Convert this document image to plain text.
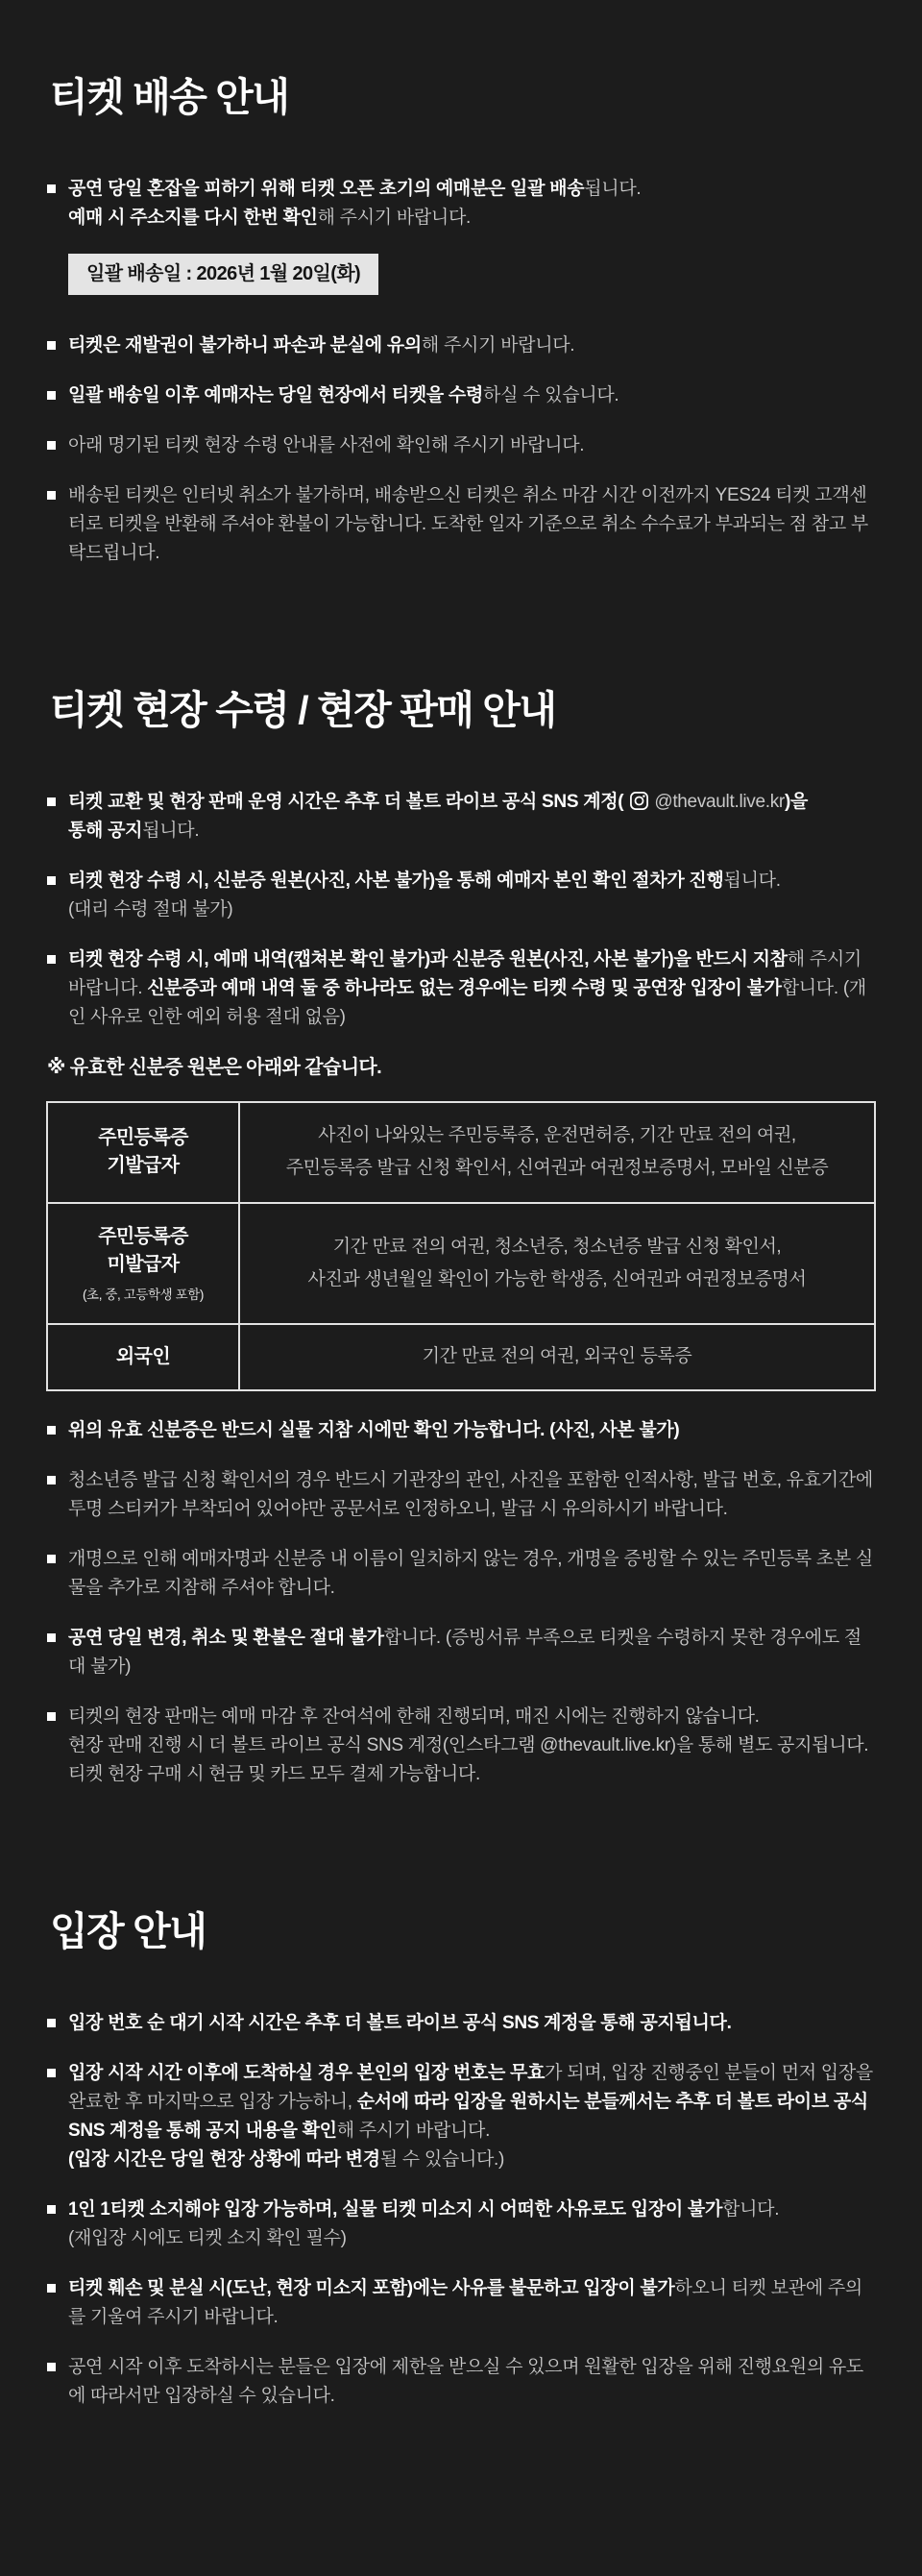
티켓 배송 안내
공연 당일 혼잡을 피하기 위해 티켓 오픈 초기의 예매분은 일괄 배송됩니다.
예매 시 주소지를 다시 한번 확인해 주시기 바랍니다.
일괄 배송일 : 2026년 1월 20일(화)
티켓은 재발권이 불가하니 파손과 분실에 유의해 주시기 바랍니다.
일괄 배송일 이후 예매자는 당일 현장에서 티켓을 수령하실 수 있습니다.
아래 명기된 티켓 현장 수령 안내를 사전에 확인해 주시기 바랍니다.
배송된 티켓은 인터넷 취소가 불가하며, 배송받으신 티켓은 취소 마감 시간 이전까지 YES24 티켓 고객센터로 티켓을 반환해 주셔야 환불이 가능합니다. 도착한 일자 기준으로 취소 수수료가 부과되는 점 참고 부탁드립니다.
티켓 현장 수령 / 현장 판매 안내
티켓 교환 및 현장 판매 운영 시간은 추후 더 볼트 라이브 공식 SNS 계정( @thevault.live.kr)을
통해 공지됩니다.
티켓 현장 수령 시, 신분증 원본(사진, 사본 불가)을 통해 예매자 본인 확인 절차가 진행됩니다.
(대리 수령 절대 불가)
티켓 현장 수령 시, 예매 내역(캡쳐본 확인 불가)과 신분증 원본(사진, 사본 불가)을 반드시 지참해 주시기 바랍니다. 신분증과 예매 내역 둘 중 하나라도 없는 경우에는 티켓 수령 및 공연장 입장이 불가합니다. (개인 사유로 인한 예외 허용 절대 없음)
※ 유효한 신분증 원본은 아래와 같습니다.
주민등록증
기발급자	사진이 나와있는 주민등록증, 운전면허증, 기간 만료 전의 여권,
주민등록증 발급 신청 확인서, 신여권과 여권정보증명서, 모바일 신분증
주민등록증
미발급자
(초, 중, 고등학생 포함)	기간 만료 전의 여권, 청소년증, 청소년증 발급 신청 확인서,
사진과 생년월일 확인이 가능한 학생증, 신여권과 여권정보증명서
외국인	기간 만료 전의 여권, 외국인 등록증
위의 유효 신분증은 반드시 실물 지참 시에만 확인 가능합니다. (사진, 사본 불가)
청소년증 발급 신청 확인서의 경우 반드시 기관장의 관인, 사진을 포함한 인적사항, 발급 번호, 유효기간에 투명 스티커가 부착되어 있어야만 공문서로 인정하오니, 발급 시 유의하시기 바랍니다.
개명으로 인해 예매자명과 신분증 내 이름이 일치하지 않는 경우, 개명을 증빙할 수 있는 주민등록 초본 실물을 추가로 지참해 주셔야 합니다.
공연 당일 변경, 취소 및 환불은 절대 불가합니다. (증빙서류 부족으로 티켓을 수령하지 못한 경우에도 절대 불가)
티켓의 현장 판매는 예매 마감 후 잔여석에 한해 진행되며, 매진 시에는 진행하지 않습니다.
현장 판매 진행 시 더 볼트 라이브 공식 SNS 계정(인스타그램 @thevault.live.kr)을 통해 별도 공지됩니다. 티켓 현장 구매 시 현금 및 카드 모두 결제 가능합니다.
입장 안내
입장 번호 순 대기 시작 시간은 추후 더 볼트 라이브 공식 SNS 계정을 통해 공지됩니다.
입장 시작 시간 이후에 도착하실 경우 본인의 입장 번호는 무효가 되며, 입장 진행중인 분들이 먼저 입장을 완료한 후 마지막으로 입장 가능하니, 순서에 따라 입장을 원하시는 분들께서는 추후 더 볼트 라이브 공식 SNS 계정을 통해 공지 내용을 확인해 주시기 바랍니다.
(입장 시간은 당일 현장 상황에 따라 변경될 수 있습니다.)
1인 1티켓 소지해야 입장 가능하며, 실물 티켓 미소지 시 어떠한 사유로도 입장이 불가합니다.
(재입장 시에도 티켓 소지 확인 필수)
티켓 훼손 및 분실 시(도난, 현장 미소지 포함)에는 사유를 불문하고 입장이 불가하오니 티켓 보관에 주의를 기울여 주시기 바랍니다.
공연 시작 이후 도착하시는 분들은 입장에 제한을 받으실 수 있으며 원활한 입장을 위해 진행요원의 유도에 따라서만 입장하실 수 있습니다.
